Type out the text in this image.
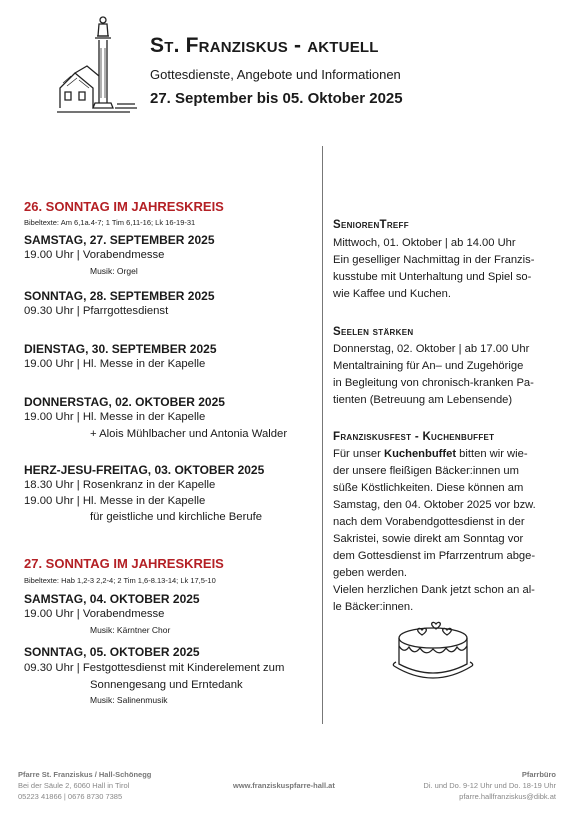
St. Franziskus - aktuell
Gottesdienste, Angebote und Informationen
27. September bis 05. Oktober 2025
26. SONNTAG IM JAHRESKREIS
Bibeltexte: Am 6,1a.4-7; 1 Tim 6,11-16; Lk 16-19-31
SAMSTAG, 27. SEPTEMBER 2025
19.00 Uhr | Vorabendmesse
Musik: Orgel
SONNTAG, 28. SEPTEMBER 2025
09.30 Uhr | Pfarrgottesdienst
DIENSTAG, 30. SEPTEMBER 2025
19.00 Uhr | Hl. Messe in der Kapelle
DONNERSTAG, 02. OKTOBER 2025
19.00 Uhr | Hl. Messe in der Kapelle
+ Alois Mühlbacher und Antonia Walder
HERZ-JESU-FREITAG, 03. OKTOBER 2025
18.30 Uhr | Rosenkranz in der Kapelle
19.00 Uhr | Hl. Messe in der Kapelle
für geistliche und kirchliche Berufe
27. SONNTAG IM JAHRESKREIS
Bibeltexte: Hab 1,2-3 2,2-4; 2 Tim 1,6-8.13-14; Lk 17,5-10
SAMSTAG, 04. OKTOBER 2025
19.00 Uhr | Vorabendmesse
Musik: Kärntner Chor
SONNTAG, 05. OKTOBER 2025
09.30 Uhr | Festgottesdienst mit Kinderelement zum
Sonnengesang und Erntedank
Musik: Salinenmusik
SeniorenTreff
Mittwoch, 01. Oktober | ab 14.00 Uhr
Ein geselliger Nachmittag in der Franzis-
kusstube mit Unterhaltung und Spiel so-
wie Kaffee und Kuchen.
Seelen stärken
Donnerstag, 02. Oktober | ab 17.00 Uhr
Mentaltraining für An– und Zugehörige
in Begleitung von chronisch-kranken Pa-
tienten (Betreuung am Lebensende)
Franziskusfest - Kuchenbuffet
Für unser Kuchenbuffet bitten wir wie-
der unsere fleißigen Bäcker:innen um
süße Köstlichkeiten. Diese können am
Samstag, den 04. Oktober 2025 vor bzw.
nach dem Vorabendgottesdienst in der
Sakristei, sowie direkt am Sonntag vor
dem Gottesdienst im Pfarrzentrum abge-
geben werden.
Vielen herzlichen Dank jetzt schon an al-
le Bäcker:innen.
Pfarre St. Franziskus / Hall-Schönegg
Bei der Säule 2, 6060 Hall in Tirol
05223 41866 | 0676 8730 7385
www.franziskuspfarre-hall.at
Pfarrbüro
Di. und Do. 9-12 Uhr und Do. 18-19 Uhr
pfarre.hallfranziskus@dibk.at
